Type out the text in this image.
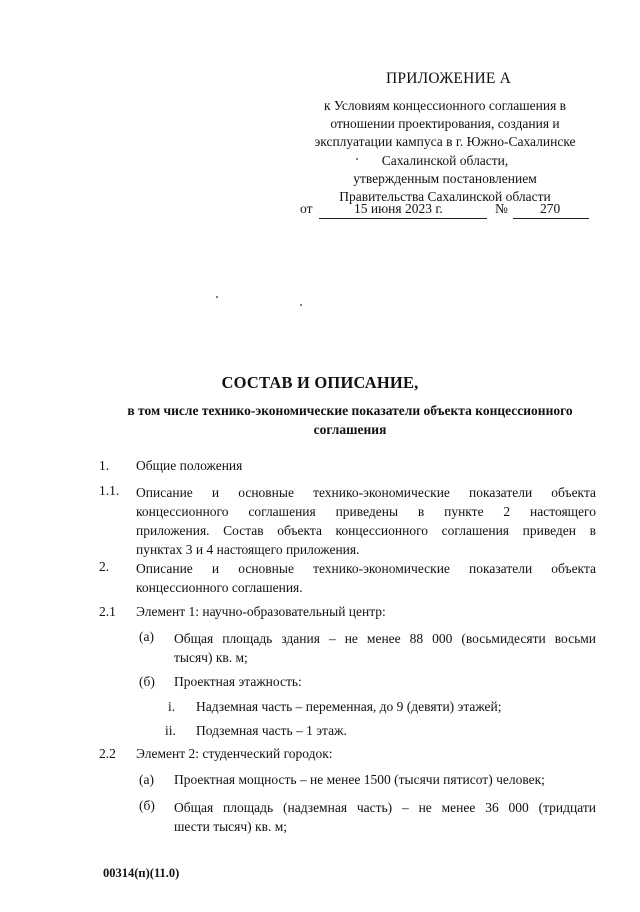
ПРИЛОЖЕНИЕ А
к Условиям концессионного соглашения в
отношении проектирования, создания и
эксплуатации кампуса в г. Южно-Сахалинске
Сахалинской области,
утвержденным постановлением
Правительства Сахалинской области
от	15 июня 2023 г.	№ 270
СОСТАВ И ОПИСАНИЕ,
в том числе технико-экономические показатели объекта концессионного
соглашения
1. Общие положения
1.1. Описание и основные технико-экономические показатели объекта
концессионного соглашения приведены в пункте 2 настоящего
приложения. Состав объекта концессионного соглашения приведен в
пунктах 3 и 4 настоящего приложения.
2. Описание и основные технико-экономические показатели объекта
концессионного соглашения.
2.1 Элемент 1: научно-образовательный центр:
(а) Общая площадь здания – не менее 88 000 (восьмидесяти восьми
тысяч) кв. м;
(б) Проектная этажность:
i. Надземная часть – переменная, до 9 (девяти) этажей;
ii. Подземная часть – 1 этаж.
2.2 Элемент 2: студенческий городок:
(а) Проектная мощность – не менее 1500 (тысячи пятисот) человек;
(б) Общая площадь (надземная часть) – не менее 36 000 (тридцати
шести тысяч) кв. м;
00314(п)(11.0)
